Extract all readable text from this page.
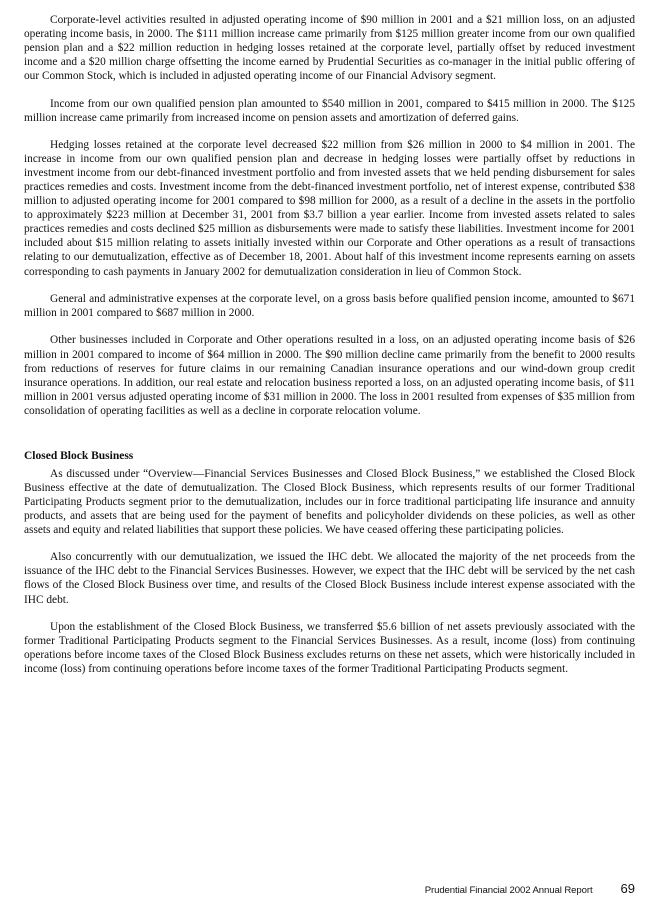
Corporate-level activities resulted in adjusted operating income of $90 million in 2001 and a $21 million loss, on an adjusted operating income basis, in 2000. The $111 million increase came primarily from $125 million greater income from our own qualified pension plan and a $22 million reduction in hedging losses retained at the corporate level, partially offset by reduced investment income and a $20 million charge offsetting the income earned by Prudential Securities as co-manager in the initial public offering of our Common Stock, which is included in adjusted operating income of our Financial Advisory segment.

Income from our own qualified pension plan amounted to $540 million in 2001, compared to $415 million in 2000. The $125 million increase came primarily from increased income on pension assets and amortization of deferred gains.

Hedging losses retained at the corporate level decreased $22 million from $26 million in 2000 to $4 million in 2001. The increase in income from our own qualified pension plan and decrease in hedging losses were partially offset by reductions in investment income from our debt-financed investment portfolio and from invested assets that we held pending disbursement for sales practices remedies and costs. Investment income from the debt-financed investment portfolio, net of interest expense, contributed $38 million to adjusted operating income for 2001 compared to $98 million for 2000, as a result of a decline in the assets in the portfolio to approximately $223 million at December 31, 2001 from $3.7 billion a year earlier. Income from invested assets related to sales practices remedies and costs declined $25 million as disbursements were made to satisfy these liabilities. Investment income for 2001 included about $15 million relating to assets initially invested within our Corporate and Other operations as a result of transactions relating to our demutualization, effective as of December 18, 2001. About half of this investment income represents earning on assets corresponding to cash payments in January 2002 for demutualization consideration in lieu of Common Stock.

General and administrative expenses at the corporate level, on a gross basis before qualified pension income, amounted to $671 million in 2001 compared to $687 million in 2000.

Other businesses included in Corporate and Other operations resulted in a loss, on an adjusted operating income basis of $26 million in 2001 compared to income of $64 million in 2000. The $90 million decline came primarily from the benefit to 2000 results from reductions of reserves for future claims in our remaining Canadian insurance operations and our wind-down group credit insurance operations. In addition, our real estate and relocation business reported a loss, on an adjusted operating income basis, of $11 million in 2001 versus adjusted operating income of $31 million in 2000. The loss in 2001 resulted from expenses of $35 million from consolidation of operating facilities as well as a decline in corporate relocation volume.

Closed Block Business

As discussed under “Overview—Financial Services Businesses and Closed Block Business,” we established the Closed Block Business effective at the date of demutualization. The Closed Block Business, which represents results of our former Traditional Participating Products segment prior to the demutualization, includes our in force traditional participating life insurance and annuity products, and assets that are being used for the payment of benefits and policyholder dividends on these policies, as well as other assets and equity and related liabilities that support these policies. We have ceased offering these participating policies.

Also concurrently with our demutualization, we issued the IHC debt. We allocated the majority of the net proceeds from the issuance of the IHC debt to the Financial Services Businesses. However, we expect that the IHC debt will be serviced by the net cash flows of the Closed Block Business over time, and results of the Closed Block Business include interest expense associated with the IHC debt.

Upon the establishment of the Closed Block Business, we transferred $5.6 billion of net assets previously associated with the former Traditional Participating Products segment to the Financial Services Businesses. As a result, income (loss) from continuing operations before income taxes of the Closed Block Business excludes returns on these net assets, which were historically included in income (loss) from continuing operations before income taxes of the former Traditional Participating Products segment.

Prudential Financial 2002 Annual Report 69
